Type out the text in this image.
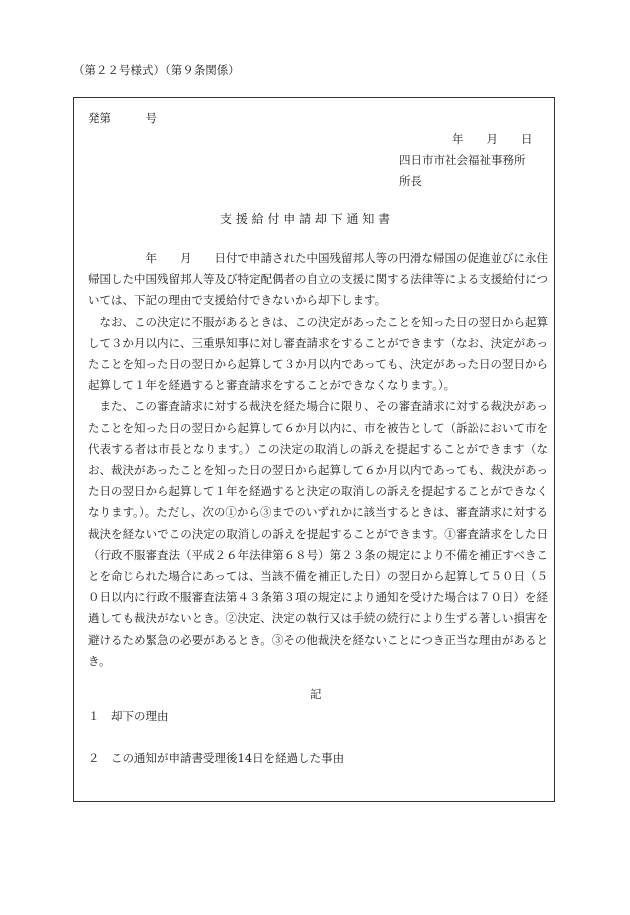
（第２２号様式）（第９条関係）
発第　　　号
年　　月　　日
四日市市社会福祉事務所
所長
支 援 給 付 申 請 却 下 通 知 書

　　　　　年　　月　　日付で申請された中国残留邦人等の円滑な帰国の促進並びに永住帰国した中国残留邦人等及び特定配偶者の自立の支援に関する法律等による支援給付については、下記の理由で支援給付できないから却下します。

　なお、この決定に不服があるときは、この決定があったことを知った日の翌日から起算して３か月以内に、三重県知事に対し審査請求をすることができます（なお、決定があったことを知った日の翌日から起算して３か月以内であっても、決定があった日の翌日から起算して１年を経過すると審査請求をすることができなくなります。）。

　また、この審査請求に対する裁決を経た場合に限り、その審査請求に対する裁決があったことを知った日の翌日から起算して６か月以内に、市を被告として（訴訟において市を代表する者は市長となります。）この決定の取消しの訴えを提起することができます（なお、裁決があったことを知った日の翌日から起算して６か月以内であっても、裁決があった日の翌日から起算して１年を経過すると決定の取消しの訴えを提起することができなくなります。）。ただし、次の①から③までのいずれかに該当するときは、審査請求に対する裁決を経ないでこの決定の取消しの訴えを提起することができます。①審査請求をした日（行政不服審査法（平成２６年法律第６８号）第２３条の規定により不備を補正すべきことを命じられた場合にあっては、当該不備を補正した日）の翌日から起算して５０日（５０日以内に行政不服審査法第４３条第３項の規定により通知を受けた場合は７０日）を経過しても裁決がないとき。②決定、決定の執行又は手続の続行により生ずる著しい損害を避けるため緊急の必要があるとき。③その他裁決を経ないことにつき正当な理由があるとき。

記
１　却下の理由
２　この通知が申請書受理後14日を経過した事由
